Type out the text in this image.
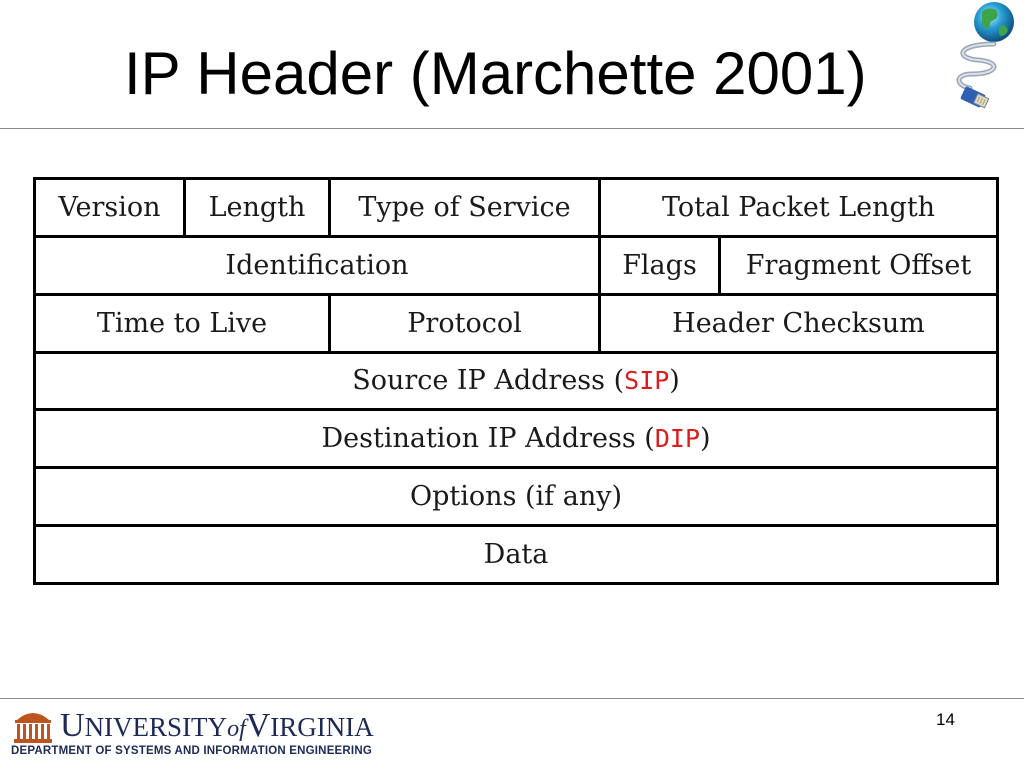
IP Header (Marchette 2001)
Version	Length	Type of Service	Total Packet Length	
Identification			Flags	Fragment Offset
Time to Live		Protocol	Header Checksum	
Source IP Address (SIP)				
Destination IP Address (DIP)				
Options (if any)				
Data				
UNIVERSITYofVIRGINIA
DEPARTMENT OF SYSTEMS AND INFORMATION ENGINEERING
14
